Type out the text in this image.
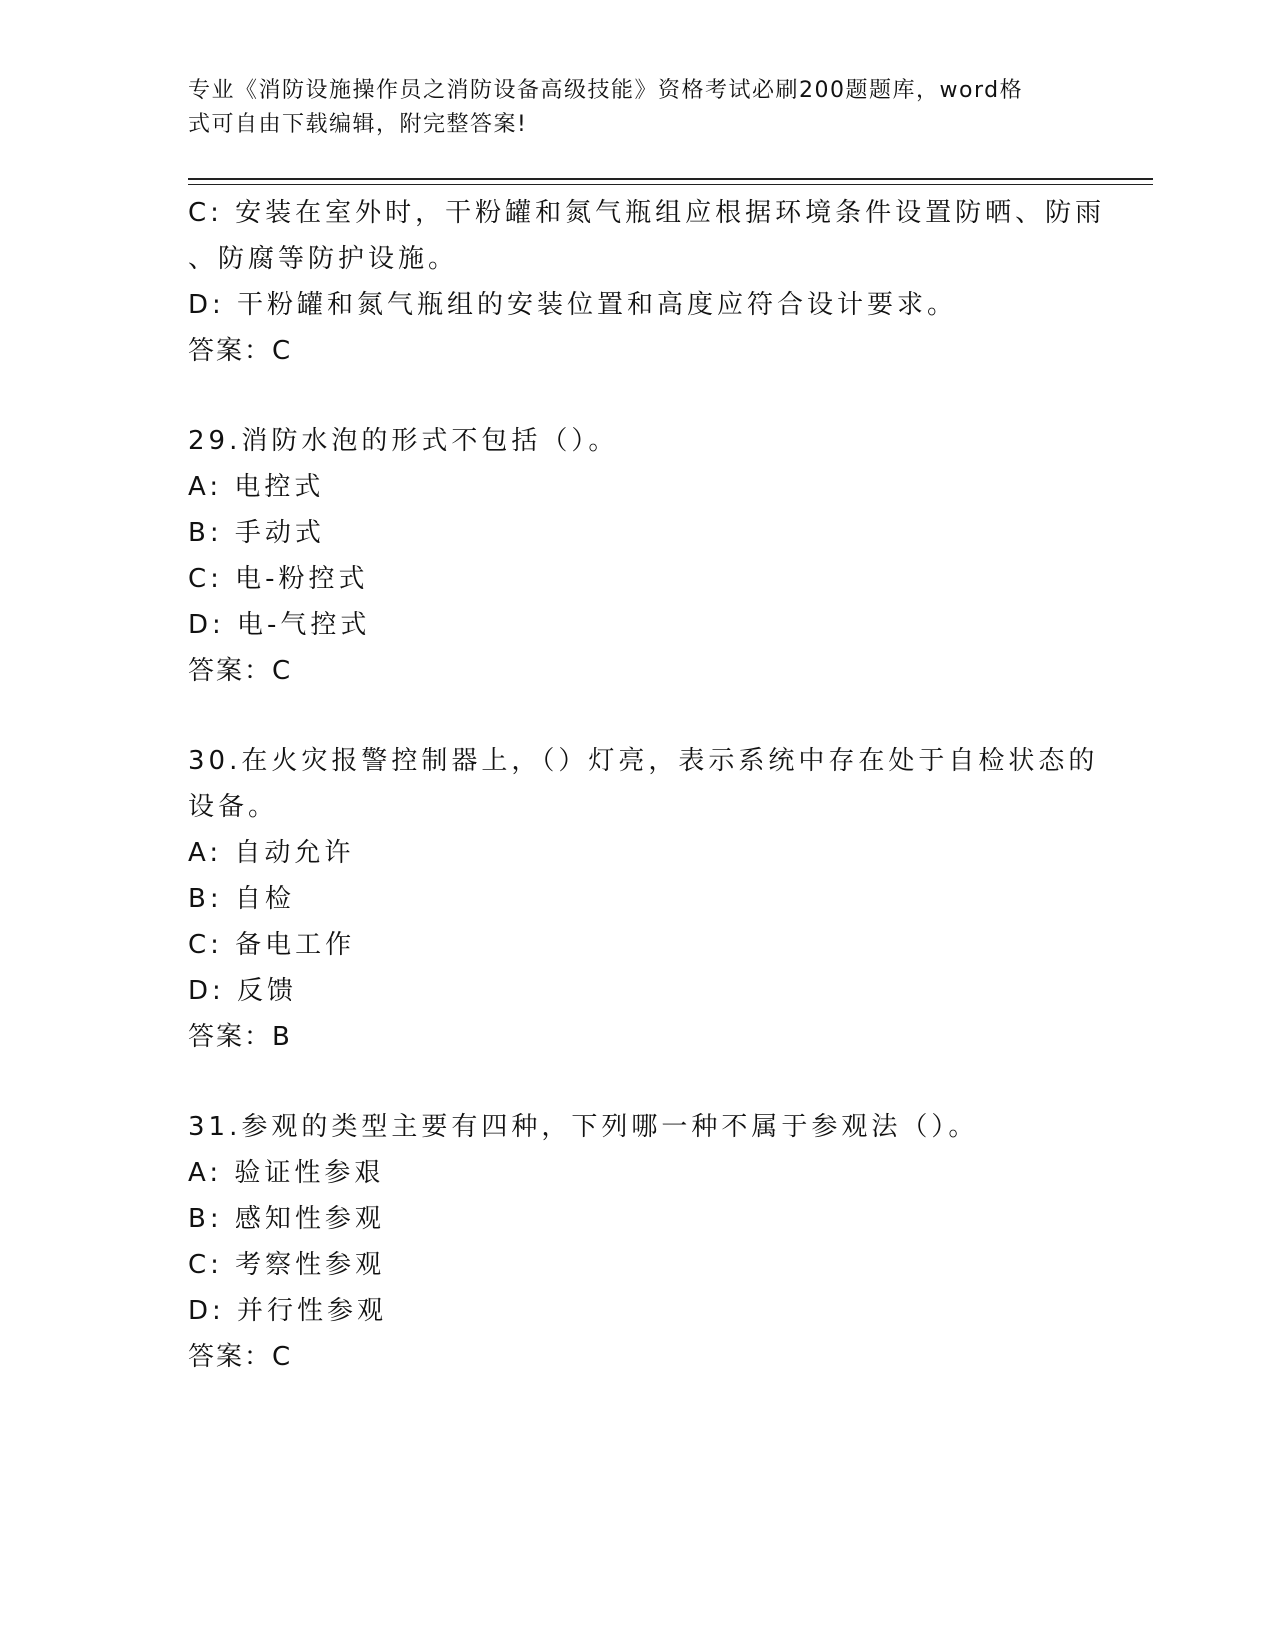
专业《消防设施操作员之消防设备高级技能》资格考试必刷200题题库，word格
式可自由下载编辑，附完整答案!
C: 安装在室外时，干粉罐和氮气瓶组应根据环境条件设置防晒、防雨
、防腐等防护设施。
D: 干粉罐和氮气瓶组的安装位置和高度应符合设计要求。
答案：C
29.消防水泡的形式不包括（）。
A: 电控式
B: 手动式
C: 电-粉控式
D: 电-气控式
答案：C
30.在火灾报警控制器上，（）灯亮，表示系统中存在处于自检状态的
设备。
A: 自动允许
B: 自检
C: 备电工作
D: 反馈
答案：B
31.参观的类型主要有四种，下列哪一种不属于参观法（）。
A: 验证性参艰
B: 感知性参观
C: 考察性参观
D: 并行性参观
答案：C
